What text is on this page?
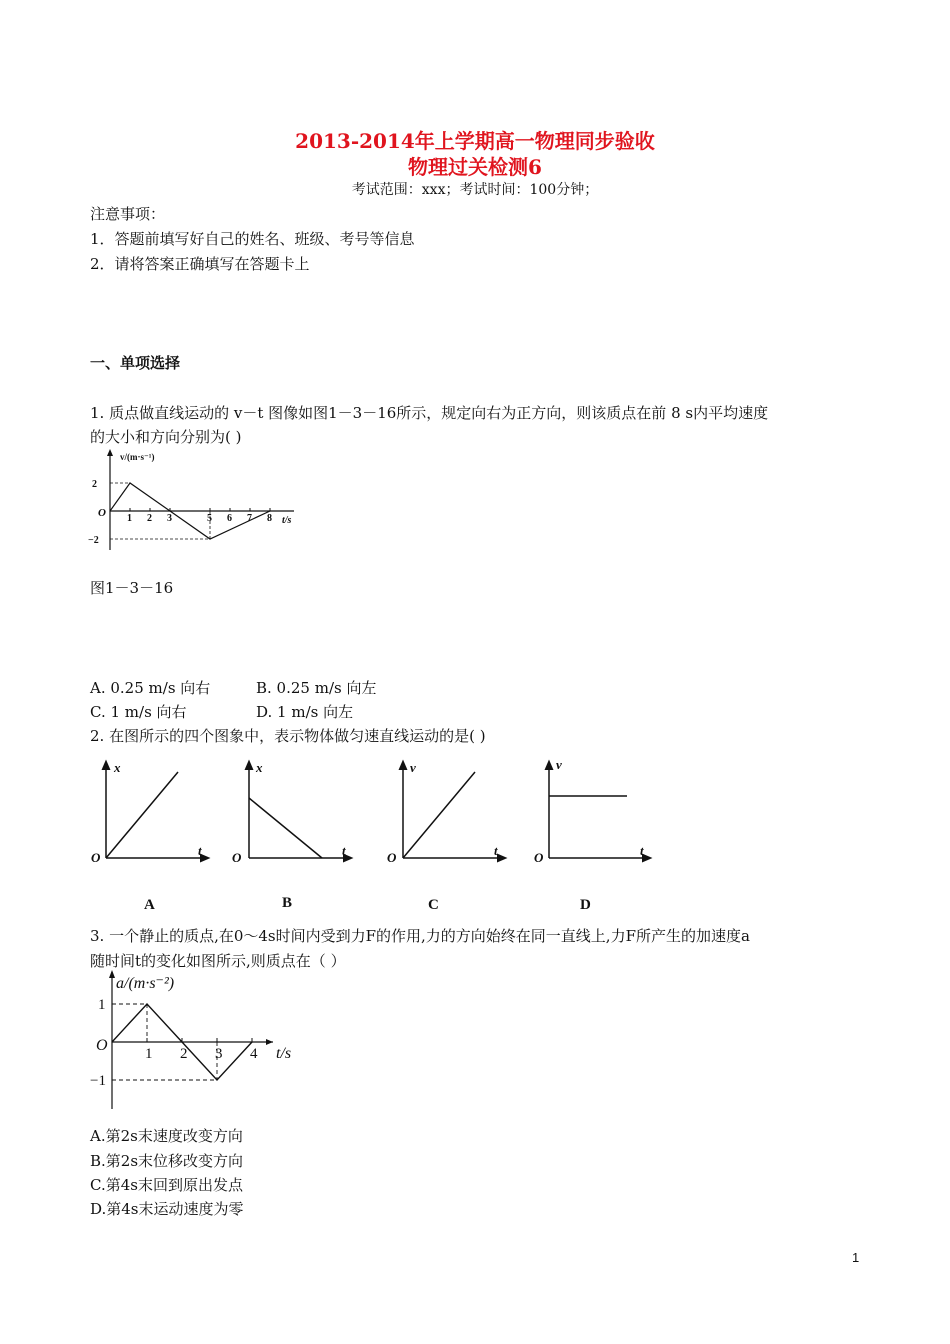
2013-2014年上学期高一物理同步验收
物理过关检测6
考试范围：xxx；考试时间：100分钟；
注意事项：
1．答题前填写好自己的姓名、班级、考号等信息
2．请将答案正确填写在答题卡上
一、单项选择
1. 质点做直线运动的 v－t 图像如图1－3－16所示，规定向右为正方向，则该质点在前 8 s内平均速度
的大小和方向分别为( )
1 2 3	5 6 7 8
2
−2
v/(m·s⁻¹)
t/s
O
图1－3－16
A. 0.25 m/s 向右	B. 0.25 m/s 向左
C. 1 m/s 向右	D. 1 m/s 向左
2. 在图所示的四个图象中，表示物体做匀速直线运动的是( )
x
t
O
A
x
t
O
B
v
t
O
C
v
t
O
D
3. 一个静止的质点,在0～4s时间内受到力F的作用,力的方向始终在同一直线上,力F所产生的加速度a
随时间t的变化如图所示,则质点在（ ）
1 2 3 4
1
−1
a/(m·s⁻²)
t/s
O
A.第2s末速度改变方向
B.第2s末位移改变方向
C.第4s末回到原出发点
D.第4s末运动速度为零
1
